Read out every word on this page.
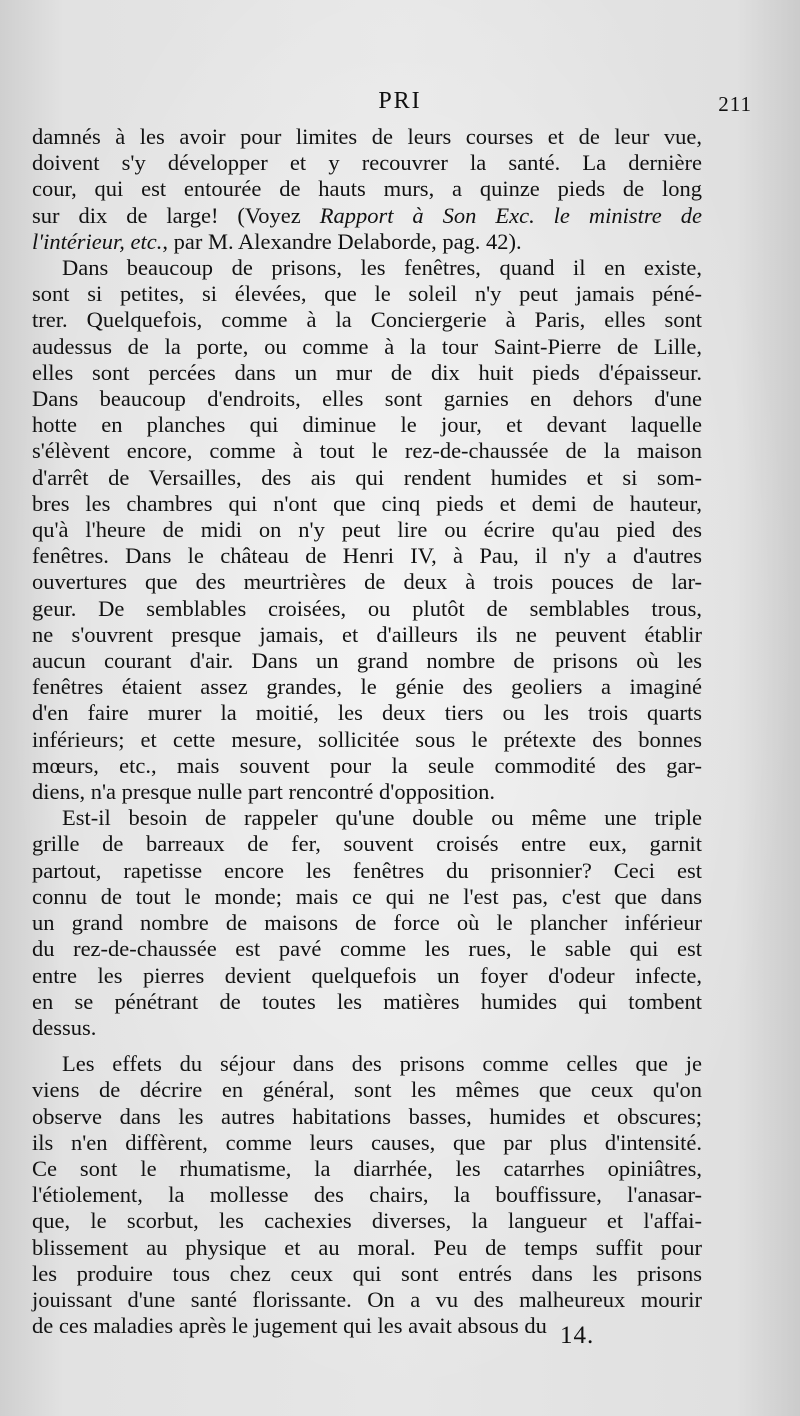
PRI	211
damnés à les avoir pour limites de leurs courses et de leur vue,
doivent s'y développer et y recouvrer la santé. La dernière
cour, qui est entourée de hauts murs, a quinze pieds de long
sur dix de large! (Voyez Rapport à Son Exc. le ministre de
l'intérieur, etc., par M. Alexandre Delaborde, pag. 42).
Dans beaucoup de prisons, les fenêtres, quand il en existe,
sont si petites, si élevées, que le soleil n'y peut jamais péné-
trer. Quelquefois, comme à la Conciergerie à Paris, elles sont
audessus de la porte, ou comme à la tour Saint-Pierre de Lille,
elles sont percées dans un mur de dix huit pieds d'épaisseur.
Dans beaucoup d'endroits, elles sont garnies en dehors d'une
hotte en planches qui diminue le jour, et devant laquelle
s'élèvent encore, comme à tout le rez-de-chaussée de la maison
d'arrêt de Versailles, des ais qui rendent humides et si som-
bres les chambres qui n'ont que cinq pieds et demi de hauteur,
qu'à l'heure de midi on n'y peut lire ou écrire qu'au pied des
fenêtres. Dans le château de Henri IV, à Pau, il n'y a d'autres
ouvertures que des meurtrières de deux à trois pouces de lar-
geur. De semblables croisées, ou plutôt de semblables trous,
ne s'ouvrent presque jamais, et d'ailleurs ils ne peuvent établir
aucun courant d'air. Dans un grand nombre de prisons où les
fenêtres étaient assez grandes, le génie des geoliers a imaginé
d'en faire murer la moitié, les deux tiers ou les trois quarts
inférieurs; et cette mesure, sollicitée sous le prétexte des bonnes
mœurs, etc., mais souvent pour la seule commodité des gar-
diens, n'a presque nulle part rencontré d'opposition.
Est-il besoin de rappeler qu'une double ou même une triple
grille de barreaux de fer, souvent croisés entre eux, garnit
partout, rapetisse encore les fenêtres du prisonnier? Ceci est
connu de tout le monde; mais ce qui ne l'est pas, c'est que dans
un grand nombre de maisons de force où le plancher inférieur
du rez-de-chaussée est pavé comme les rues, le sable qui est
entre les pierres devient quelquefois un foyer d'odeur infecte,
en se pénétrant de toutes les matières humides qui tombent
dessus.
Les effets du séjour dans des prisons comme celles que je
viens de décrire en général, sont les mêmes que ceux qu'on
observe dans les autres habitations basses, humides et obscures;
ils n'en diffèrent, comme leurs causes, que par plus d'intensité.
Ce sont le rhumatisme, la diarrhée, les catarrhes opiniâtres,
l'étiolement, la mollesse des chairs, la bouffissure, l'anasar-
que, le scorbut, les cachexies diverses, la langueur et l'affai-
blissement au physique et au moral. Peu de temps suffit pour
les produire tous chez ceux qui sont entrés dans les prisons
jouissant d'une santé florissante. On a vu des malheureux mourir
de ces maladies après le jugement qui les avait absous du 14.
